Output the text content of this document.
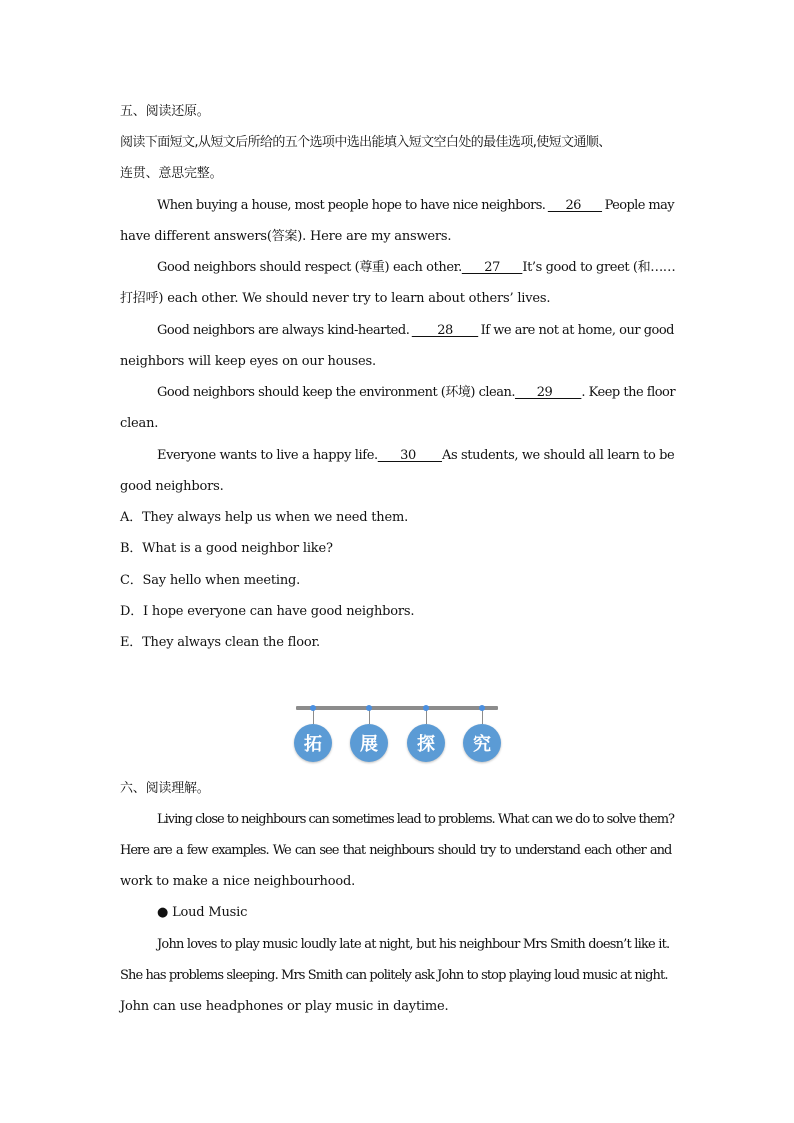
五、阅读还原。
阅读下面短文,从短文后所给的五个选项中选出能填入短文空白处的最佳选项,使短文通顺、
连贯、意思完整。
When buying a house, most people hope to have nice neighbors. 26 People may
have different answers(答案). Here are my answers.
Good neighbors should respect (尊重) each other. 27 It’s good to greet (和……
打招呼) each other. We should never try to learn about others’ lives.
Good neighbors are always kind-hearted. 28 If we are not at home, our good
neighbors will keep eyes on our houses.
Good neighbors should keep the environment (环境) clean. 29 . Keep the floor
clean.
Everyone wants to live a happy life. 30 As students, we should all learn to be
good neighbors.
A．They always help us when we need them.
B．What is a good neighbor like?
C．Say hello when meeting.
D．I hope everyone can have good neighbors.
E．They always clean the floor.
拓	展	探	究
六、阅读理解。
Living close to neighbours can sometimes lead to problems. What can we do to solve them?
Here are a few examples. We can see that neighbours should try to understand each other and
work to make a nice neighbourhood.
● Loud Music
John loves to play music loudly late at night, but his neighbour Mrs Smith doesn’t like it.
She has problems sleeping. Mrs Smith can politely ask John to stop playing loud music at night.
John can use headphones or play music in daytime.
